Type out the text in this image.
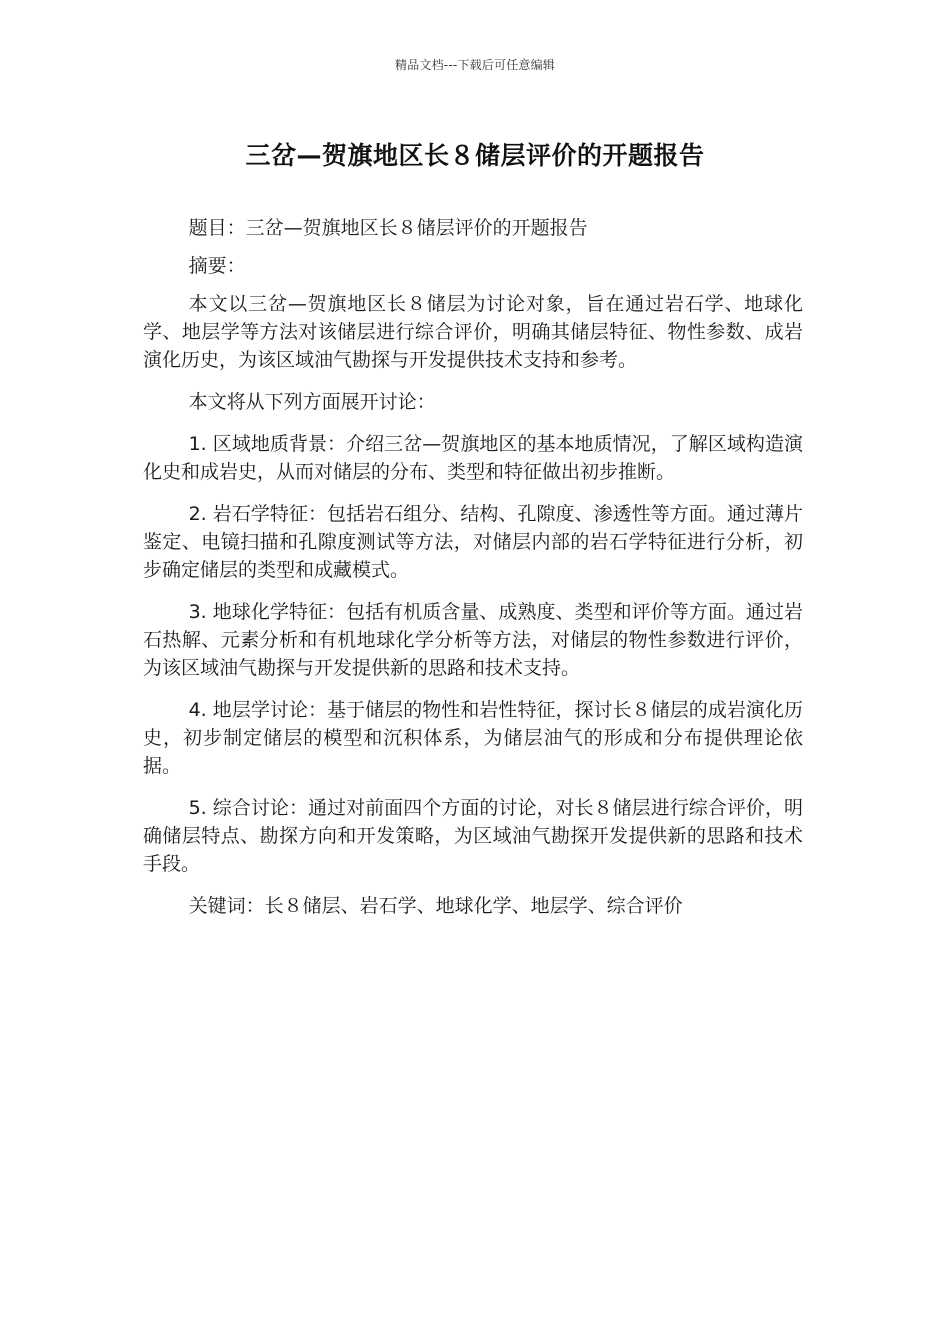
精品文档---下载后可任意编辑
三岔—贺旗地区长８储层评价的开题报告

题目：三岔—贺旗地区长８储层评价的开题报告

摘要：

本文以三岔—贺旗地区长８储层为讨论对象，旨在通过岩石学、地球化学、地层学等方法对该储层进行综合评价，明确其储层特征、物性参数、成岩演化历史，为该区域油气勘探与开发提供技术支持和参考。

本文将从下列方面展开讨论：

1. 区域地质背景：介绍三岔—贺旗地区的基本地质情况，了解区域构造演化史和成岩史，从而对储层的分布、类型和特征做出初步推断。

2. 岩石学特征：包括岩石组分、结构、孔隙度、渗透性等方面。通过薄片鉴定、电镜扫描和孔隙度测试等方法，对储层内部的岩石学特征进行分析，初步确定储层的类型和成藏模式。

3. 地球化学特征：包括有机质含量、成熟度、类型和评价等方面。通过岩石热解、元素分析和有机地球化学分析等方法，对储层的物性参数进行评价，为该区域油气勘探与开发提供新的思路和技术支持。

4. 地层学讨论：基于储层的物性和岩性特征，探讨长８储层的成岩演化历史，初步制定储层的模型和沉积体系，为储层油气的形成和分布提供理论依据。

5. 综合讨论：通过对前面四个方面的讨论，对长８储层进行综合评价，明确储层特点、勘探方向和开发策略，为区域油气勘探开发提供新的思路和技术手段。

关键词：长８储层、岩石学、地球化学、地层学、综合评价
